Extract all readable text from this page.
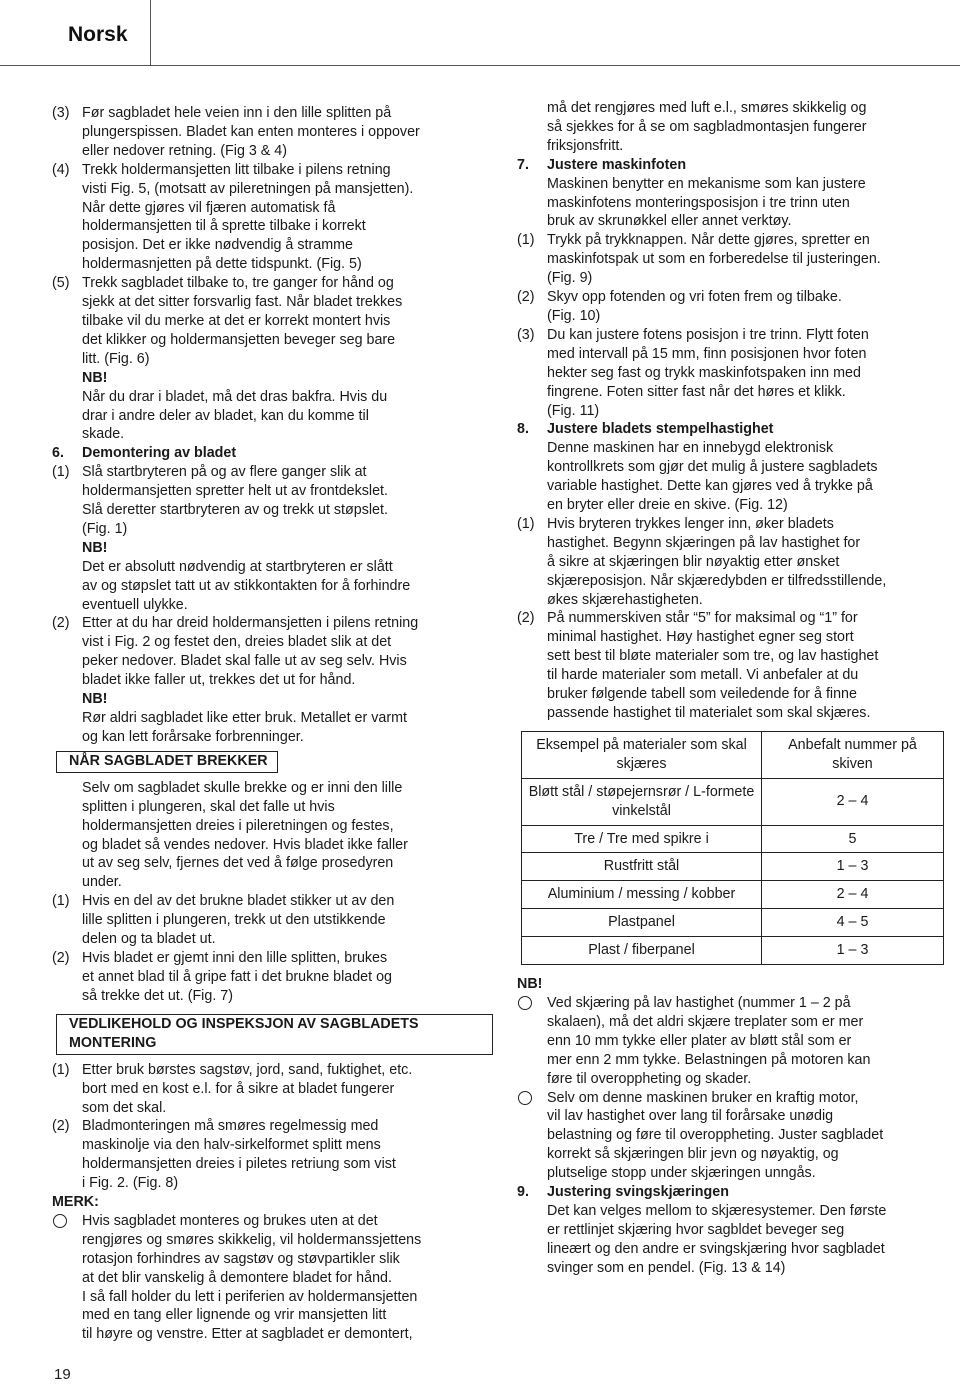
Norsk
(3) Før sagbladet hele veien inn i den lille splitten på
plungerspissen. Bladet kan enten monteres i oppover
eller nedover retning. (Fig 3 & 4)
(4) Trekk holdermansjetten litt tilbake i pilens retning
visti Fig. 5, (motsatt av pileretningen på mansjetten).
Når dette gjøres vil fjæren automatisk få
holdermansjetten til å sprette tilbake i korrekt
posisjon. Det er ikke nødvendig å stramme
holdermasnjetten på dette tidspunkt. (Fig. 5)
(5) Trekk sagbladet tilbake to, tre ganger for hånd og
sjekk at det sitter forsvarlig fast. Når bladet trekkes
tilbake vil du merke at det er korrekt montert hvis
det klikker og holdermansjetten beveger seg bare
litt. (Fig. 6)
NB!
Når du drar i bladet, må det dras bakfra. Hvis du
drar i andre deler av bladet, kan du komme til
skade.
6.	Demontering av bladet
(1) Slå startbryteren på og av flere ganger slik at
holdermansjetten spretter helt ut av frontdekslet.
Slå deretter startbryteren av og trekk ut støpslet.
(Fig. 1)
NB!
Det er absolutt nødvendig at startbryteren er slått
av og støpslet tatt ut av stikkontakten for å forhindre
eventuell ulykke.
(2) Etter at du har dreid holdermansjetten i pilens retning
vist i Fig. 2 og festet den, dreies bladet slik at det
peker nedover. Bladet skal falle ut av seg selv. Hvis
bladet ikke faller ut, trekkes det ut for hånd.
NB!
Rør aldri sagbladet like etter bruk. Metallet er varmt
og kan lett forårsake forbrenninger.
NÅR SAGBLADET BREKKER
Selv om sagbladet skulle brekke og er inni den lille
splitten i plungeren, skal det falle ut hvis
holdermansjetten dreies i pileretningen og festes,
og bladet så vendes nedover. Hvis bladet ikke faller
ut av seg selv, fjernes det ved å følge prosedyren
under.
(1) Hvis en del av det brukne bladet stikker ut av den
lille splitten i plungeren, trekk ut den utstikkende
delen og ta bladet ut.
(2) Hvis bladet er gjemt inni den lille splitten, brukes
et annet blad til å gripe fatt i det brukne bladet og
så trekke det ut. (Fig. 7)
VEDLIKEHOLD OG INSPEKSJON AV SAGBLADETS
MONTERING
(1) Etter bruk børstes sagstøv, jord, sand, fuktighet, etc.
bort med en kost e.l. for å sikre at bladet fungerer
som det skal.
(2) Bladmonteringen må smøres regelmessig med
maskinolje via den halv-sirkelformet splitt mens
holdermansjetten dreies i piletes retriung som vist
i Fig. 2. (Fig. 8)
MERK:
Hvis sagbladet monteres og brukes uten at det
rengjøres og smøres skikkelig, vil holdermanssjettens
rotasjon forhindres av sagstøv og støvpartikler slik
at det blir vanskelig å demontere bladet for hånd.
I så fall holder du lett i periferien av holdermansjetten
med en tang eller lignende og vrir mansjetten litt
til høyre og venstre. Etter at sagbladet er demontert,
må det rengjøres med luft e.l., smøres skikkelig og
så sjekkes for å se om sagbladmontasjen fungerer
friksjonsfritt.
7.	Justere maskinfoten
Maskinen benytter en mekanisme som kan justere
maskinfotens monteringsposisjon i tre trinn uten
bruk av skrunøkkel eller annet verktøy.
(1) Trykk på trykknappen. Når dette gjøres, spretter en
maskinfotspak ut som en forberedelse til justeringen.
(Fig. 9)
(2) Skyv opp fotenden og vri foten frem og tilbake.
(Fig. 10)
(3) Du kan justere fotens posisjon i tre trinn. Flytt foten
med intervall på 15 mm, finn posisjonen hvor foten
hekter seg fast og trykk maskinfotspaken inn med
fingrene. Foten sitter fast når det høres et klikk.
(Fig. 11)
8.	Justere bladets stempelhastighet
Denne maskinen har en innebygd elektronisk
kontrollkrets som gjør det mulig å justere sagbladets
variable hastighet. Dette kan gjøres ved å trykke på
en bryter eller dreie en skive. (Fig. 12)
(1) Hvis bryteren trykkes lenger inn, øker bladets
hastighet. Begynn skjæringen på lav hastighet for
å sikre at skjæringen blir nøyaktig etter ønsket
skjæreposisjon. Når skjæredybden er tilfredsstillende,
økes skjærehastigheten.
(2) På nummerskiven står “5” for maksimal og “1” for
minimal hastighet. Høy hastighet egner seg stort
sett best til bløte materialer som tre, og lav hastighet
til harde materialer som metall. Vi anbefaler at du
bruker følgende tabell som veiledende for å finne
passende hastighet til materialet som skal skjæres.
Eksempel på materialer som skal skjæres	Anbefalt nummer på skiven
Bløtt stål / støpejernsrør / L-formete vinkelstål	2 – 4
Tre / Tre med spikre i	5
Rustfritt stål	1 – 3
Aluminium / messing / kobber	2 – 4
Plastpanel	4 – 5
Plast / fiberpanel	1 – 3
NB!
Ved skjæring på lav hastighet (nummer 1 – 2 på
skalaen), må det aldri skjære treplater som er mer
enn 10 mm tykke eller plater av bløtt stål som er
mer enn 2 mm tykke. Belastningen på motoren kan
føre til overoppheting og skader.
Selv om denne maskinen bruker en kraftig motor,
vil lav hastighet over lang til forårsake unødig
belastning og føre til overoppheting. Juster sagbladet
korrekt så skjæringen blir jevn og nøyaktig, og
plutselige stopp under skjæringen unngås.
9.	Justering svingskjæringen
Det kan velges mellom to skjæresystemer. Den første
er rettlinjet skjæring hvor sagbldet beveger seg
lineært og den andre er svingskjæring hvor sagbladet
svinger som en pendel. (Fig. 13 & 14)
19
